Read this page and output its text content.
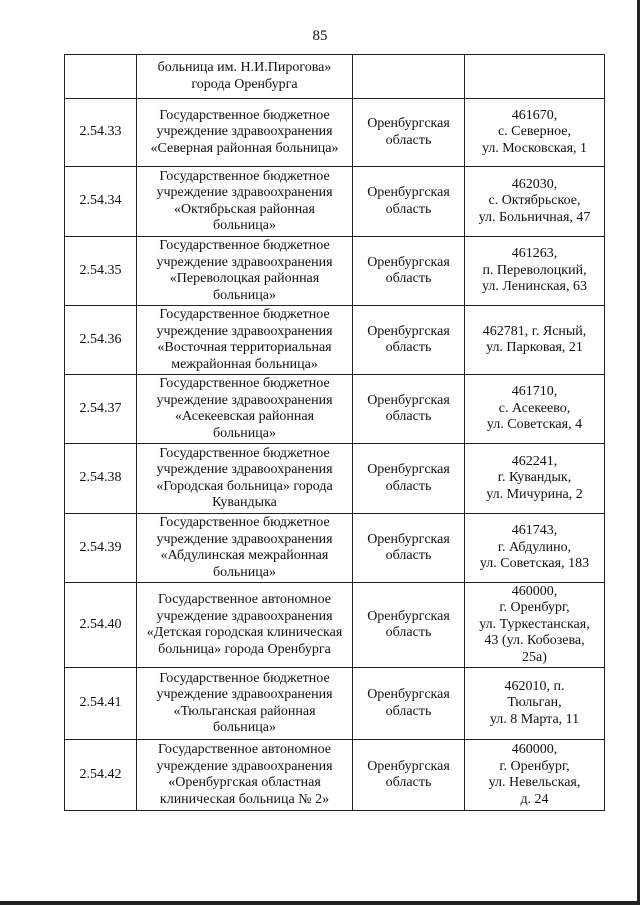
85
	больница им. Н.И.Пирогова»
города Оренбурга		
2.54.33	Государственное бюджетное
учреждение здравоохранения
«Северная районная больница»	Оренбургская
область	461670,
с. Северное,
ул. Московская, 1
2.54.34	Государственное бюджетное
учреждение здравоохранения
«Октябрьская районная
больница»	Оренбургская
область	462030,
с. Октябрьское,
ул. Больничная, 47
2.54.35	Государственное бюджетное
учреждение здравоохранения
«Переволоцкая районная
больница»	Оренбургская
область	461263,
п. Переволоцкий,
ул. Ленинская, 63
2.54.36	Государственное бюджетное
учреждение здравоохранения
«Восточная территориальная
межрайонная больница»	Оренбургская
область	462781, г. Ясный,
ул. Парковая, 21
2.54.37	Государственное бюджетное
учреждение здравоохранения
«Асекеевская районная
больница»	Оренбургская
область	461710,
с. Асекеево,
ул. Советская, 4
2.54.38	Государственное бюджетное
учреждение здравоохранения
«Городская больница» города
Кувандыка	Оренбургская
область	462241,
г. Кувандык,
ул. Мичурина, 2
2.54.39	Государственное бюджетное
учреждение здравоохранения
«Абдулинская межрайонная
больница»	Оренбургская
область	461743,
г. Абдулино,
ул. Советская, 183
2.54.40	Государственное автономное
учреждение здравоохранения
«Детская городская клиническая
больница» города Оренбурга	Оренбургская
область	460000,
г. Оренбург,
ул. Туркестанская,
43 (ул. Кобозева,
25а)
2.54.41	Государственное бюджетное
учреждение здравоохранения
«Тюльганская районная
больница»	Оренбургская
область	462010, п.
Тюльган,
ул. 8 Марта, 11
2.54.42	Государственное автономное
учреждение здравоохранения
«Оренбургская областная
клиническая больница № 2»	Оренбургская
область	460000,
г. Оренбург,
ул. Невельская,
д. 24
